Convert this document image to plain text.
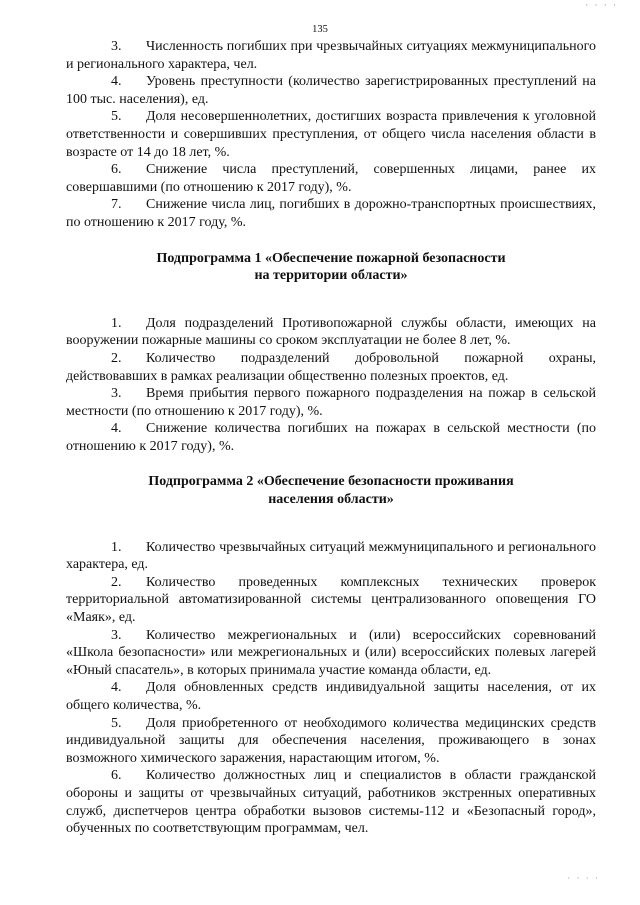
· · · ·
135

3. Численность погибших при чрезвычайных ситуациях межмуниципального и регионального характера, чел.

4. Уровень преступности (количество зарегистрированных преступлений на 100 тыс. населения), ед.

5. Доля несовершеннолетних, достигших возраста привлечения к уголовной ответственности и совершивших преступления, от общего числа населения области в возрасте от 14 до 18 лет, %.

6. Снижение числа преступлений, совершенных лицами, ранее их совершавшими (по отношению к 2017 году), %.

7. Снижение числа лиц, погибших в дорожно-транспортных происшествиях, по отношению к 2017 году, %.

Подпрограмма 1 «Обеспечение пожарной безопасности
на территории области»

1. Доля подразделений Противопожарной службы области, имеющих на вооружении пожарные машины со сроком эксплуатации не более 8 лет, %.

2. Количество подразделений добровольной пожарной охраны, действовавших в рамках реализации общественно полезных проектов, ед.

3. Время прибытия первого пожарного подразделения на пожар в сельской местности (по отношению к 2017 году), %.

4. Снижение количества погибших на пожарах в сельской местности (по отношению к 2017 году), %.

Подпрограмма 2 «Обеспечение безопасности проживания
населения области»

1. Количество чрезвычайных ситуаций межмуниципального и регионального характера, ед.

2. Количество проведенных комплексных технических проверок территориальной автоматизированной системы централизованного оповещения ГО «Маяк», ед.

3. Количество межрегиональных и (или) всероссийских соревнований «Школа безопасности» или межрегиональных и (или) всероссийских полевых лагерей «Юный спасатель», в которых принимала участие команда области, ед.

4. Доля обновленных средств индивидуальной защиты населения, от их общего количества, %.

5. Доля приобретенного от необходимого количества медицинских средств индивидуальной защиты для обеспечения населения, проживающего в зонах возможного химического заражения, нарастающим итогом, %.

6. Количество должностных лиц и специалистов в области гражданской обороны и защиты от чрезвычайных ситуаций, работников экстренных оперативных служб, диспетчеров центра обработки вызовов системы-112 и «Безопасный город», обученных по соответствующим программам, чел.

· · · ·
